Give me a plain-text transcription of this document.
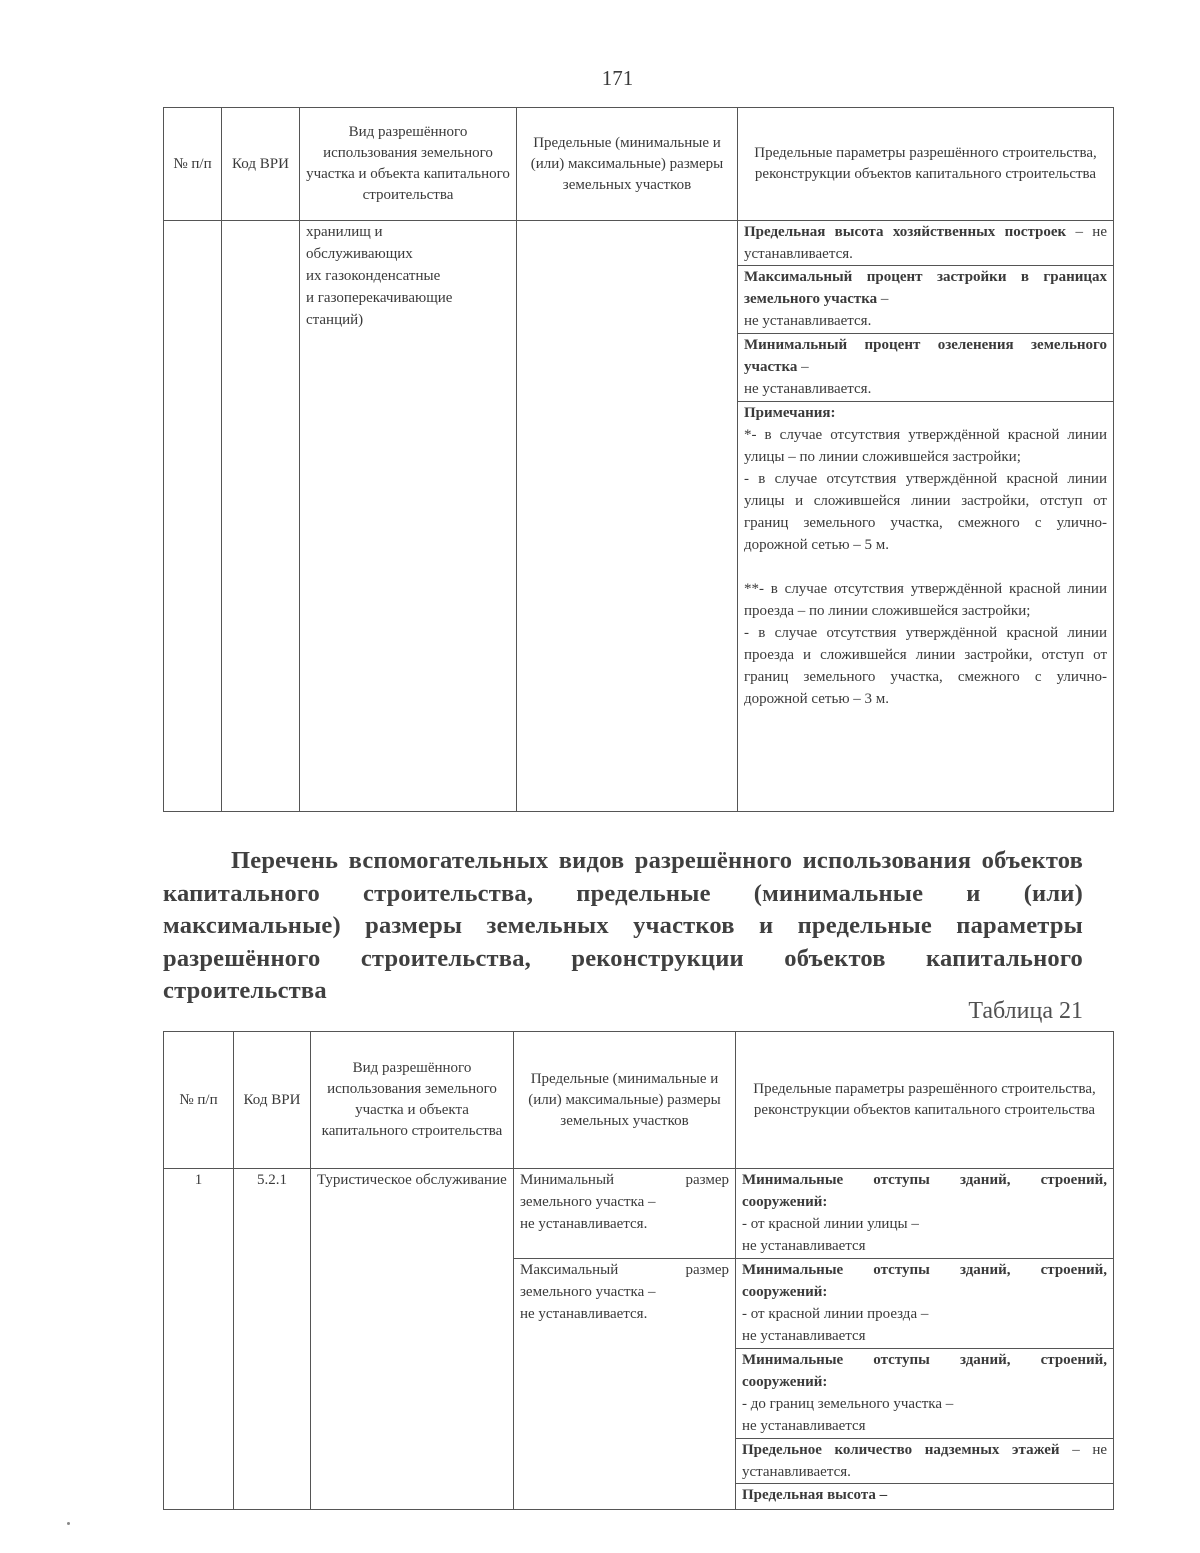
171
№ п/п	Код ВРИ	Вид разрешённого использования земельного участка и объекта капитального строительства	Предельные (минимальные и (или) максимальные) размеры земельных участков	Предельные параметры разрешённого строительства, реконструкции объектов капитального строительства

		хранилищ и
обслуживающих
их газоконденсатные
и газоперекачивающие
станций)		Предельная высота хозяйственных построек – не устанавливается.
				Максимальный процент застройки в границах земельного участка –
не устанавливается.
				Минимальный процент озеленения земельного участка –
не устанавливается.

				Примечания:
*- в случае отсутствия утверждённой красной линии улицы – по линии сложившейся застройки;
- в случае отсутствия утверждённой красной линии улицы и сложившейся линии застройки, отступ от границ земельного участка, смежного с улично-дорожной сетью – 5 м.
**- в случае отсутствия утверждённой красной линии проезда – по линии сложившейся застройки;
- в случае отсутствия утверждённой красной линии проезда и сложившейся линии застройки, отступ от границ земельного участка, смежного с улично-дорожной сетью – 3 м.
Перечень вспомогательных видов разрешённого использования объектов капитального строительства, предельные (минимальные и (или) максимальные) размеры земельных участков и предельные параметры разрешённого строительства, реконструкции объектов капитального строительства
Таблица 21
№ п/п	Код ВРИ	Вид разрешённого использования земельного участка и объекта капитального строительства	Предельные (минимальные и (или) максимальные) размеры земельных участков	Предельные параметры разрешённого строительства, реконструкции объектов капитального строительства
1	5.2.1	Туристическое обслуживание	Минимальный размер земельного участка –
не устанавливается.	Минимальные отступы зданий, строений, сооружений:
- от красной линии улицы –
не устанавливается
			Максимальный размер земельного участка –
не устанавливается.	Минимальные отступы зданий, строений, сооружений:
- от красной линии проезда –
не устанавливается
				Минимальные отступы зданий, строений, сооружений:
- до границ земельного участка –
не устанавливается
				Предельное количество надземных этажей – не устанавливается.
				Предельная высота –
